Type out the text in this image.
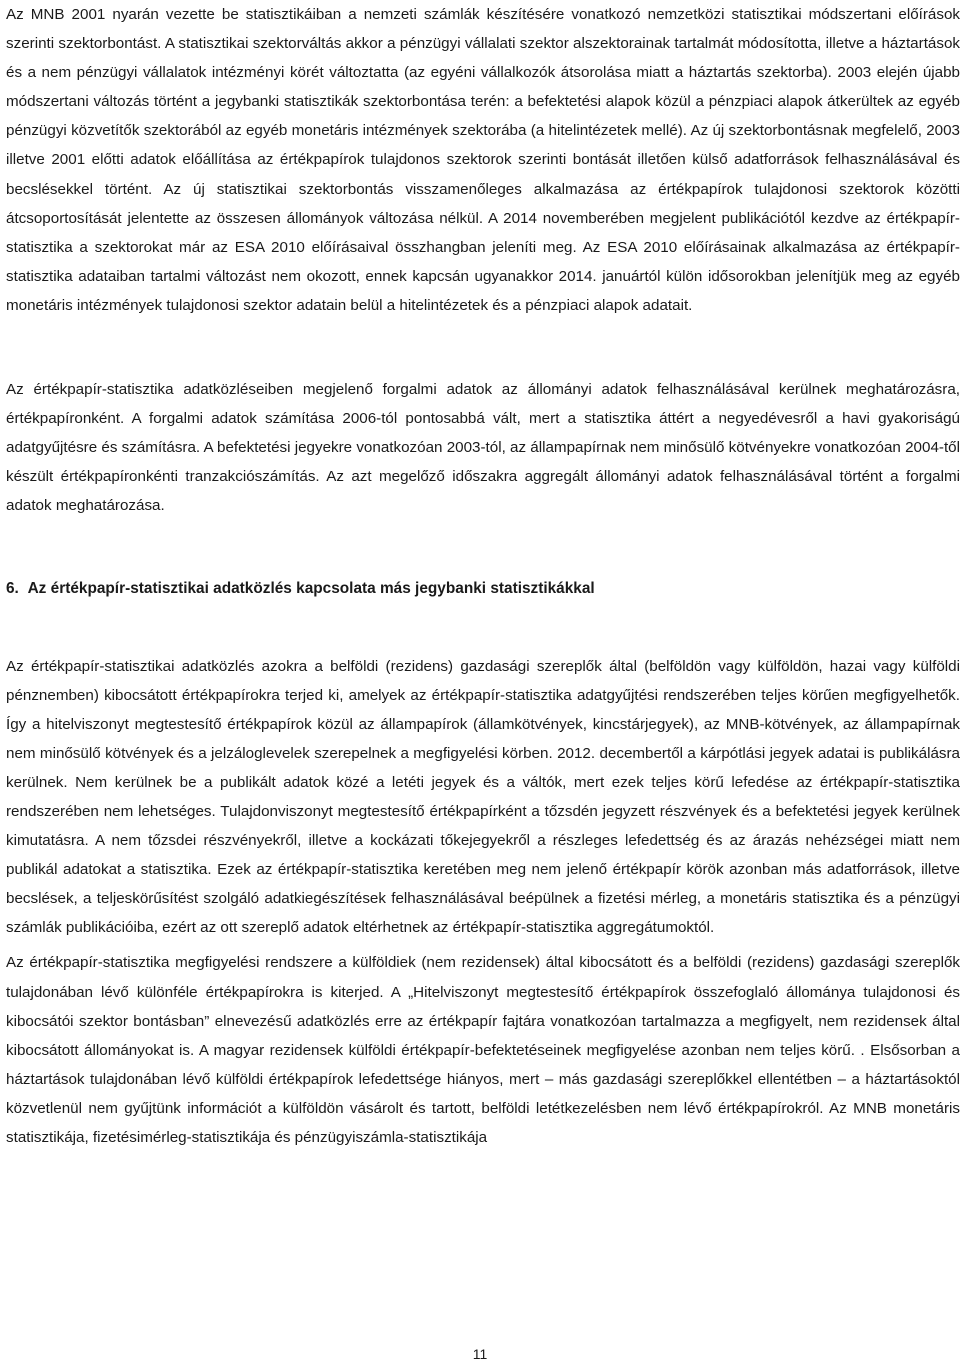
Az MNB 2001 nyarán vezette be statisztikáiban a nemzeti számlák készítésére vonatkozó nemzetközi statisztikai módszertani előírások szerinti szektorbontást. A statisztikai szektorváltás akkor a pénzügyi vállalati szektor alszektorainak tartalmát módosította, illetve a háztartások és a nem pénzügyi vállalatok intézményi körét változtatta (az egyéni vállalkozók átsorolása miatt a háztartás szektorba). 2003 elején újabb módszertani változás történt a jegybanki statisztikák szektorbontása terén: a befektetési alapok közül a pénzpiaci alapok átkerültek az egyéb pénzügyi közvetítők szektorából az egyéb monetáris intézmények szektorába (a hitelintézetek mellé). Az új szektorbontásnak megfelelő, 2003 illetve 2001 előtti adatok előállítása az értékpapírok tulajdonos szektorok szerinti bontását illetően külső adatforrások felhasználásával és becslésekkel történt. Az új statisztikai szektorbontás visszamenőleges alkalmazása az értékpapírok tulajdonosi szektorok közötti átcsoportosítását jelentette az összesen állományok változása nélkül. A 2014 novemberében megjelent publikációtól kezdve az értékpapír-statisztika a szektorokat már az ESA 2010 előírásaival összhangban jeleníti meg. Az ESA 2010 előírásainak alkalmazása az értékpapír-statisztika adataiban tartalmi változást nem okozott, ennek kapcsán ugyanakkor 2014. januártól külön idősorokban jelenítjük meg az egyéb monetáris intézmények tulajdonosi szektor adatain belül a hitelintézetek és a pénzpiaci alapok adatait.

Az értékpapír-statisztika adatközléseiben megjelenő forgalmi adatok az állományi adatok felhasználásával kerülnek meghatározásra, értékpapíronként. A forgalmi adatok számítása 2006-tól pontosabbá vált, mert a statisztika áttért a negyedévesről a havi gyakoriságú adatgyűjtésre és számításra. A befektetési jegyekre vonatkozóan 2003-tól, az állampapírnak nem minősülő kötvényekre vonatkozóan 2004-től készült értékpapíronkénti tranzakciószámítás. Az azt megelőző időszakra aggregált állományi adatok felhasználásával történt a forgalmi adatok meghatározása.

6. Az értékpapír-statisztikai adatközlés kapcsolata más jegybanki statisztikákkal

Az értékpapír-statisztikai adatközlés azokra a belföldi (rezidens) gazdasági szereplők által (belföldön vagy külföldön, hazai vagy külföldi pénznemben) kibocsátott értékpapírokra terjed ki, amelyek az értékpapír-statisztika adatgyűjtési rendszerében teljes körűen megfigyelhetők. Így a hitelviszonyt megtestesítő értékpapírok közül az állampapírok (államkötvények, kincstárjegyek), az MNB-kötvények, az állampapírnak nem minősülő kötvények és a jelzáloglevelek szerepelnek a megfigyelési körben. 2012. decembertől a kárpótlási jegyek adatai is publikálásra kerülnek. Nem kerülnek be a publikált adatok közé a letéti jegyek és a váltók, mert ezek teljes körű lefedése az értékpapír-statisztika rendszerében nem lehetséges. Tulajdonviszonyt megtestesítő értékpapírként a tőzsdén jegyzett részvények és a befektetési jegyek kerülnek kimutatásra. A nem tőzsdei részvényekről, illetve a kockázati tőkejegyekről a részleges lefedettség és az árazás nehézségei miatt nem publikál adatokat a statisztika. Ezek az értékpapír-statisztika keretében meg nem jelenő értékpapír körök azonban más adatforrások, illetve becslések, a teljeskörűsítést szolgáló adatkiegészítések felhasználásával beépülnek a fizetési mérleg, a monetáris statisztika és a pénzügyi számlák publikációiba, ezért az ott szereplő adatok eltérhetnek az értékpapír-statisztika aggregátumoktól.

Az értékpapír-statisztika megfigyelési rendszere a külföldiek (nem rezidensek) által kibocsátott és a belföldi (rezidens) gazdasági szereplők tulajdonában lévő különféle értékpapírokra is kiterjed. A „Hitelviszonyt megtestesítő értékpapírok összefoglaló állománya tulajdonosi és kibocsátói szektor bontásban” elnevezésű adatközlés erre az értékpapír fajtára vonatkozóan tartalmazza a megfigyelt, nem rezidensek által kibocsátott állományokat is. A magyar rezidensek külföldi értékpapír-befektetéseinek megfigyelése azonban nem teljes körű. . Elsősorban a háztartások tulajdonában lévő külföldi értékpapírok lefedettsége hiányos, mert – más gazdasági szereplőkkel ellentétben – a háztartásoktól közvetlenül nem gyűjtünk információt a külföldön vásárolt és tartott, belföldi letétkezelésben nem lévő értékpapírokról. Az MNB monetáris statisztikája, fizetésimérleg-statisztikája és pénzügyiszámla-statisztikája

11
